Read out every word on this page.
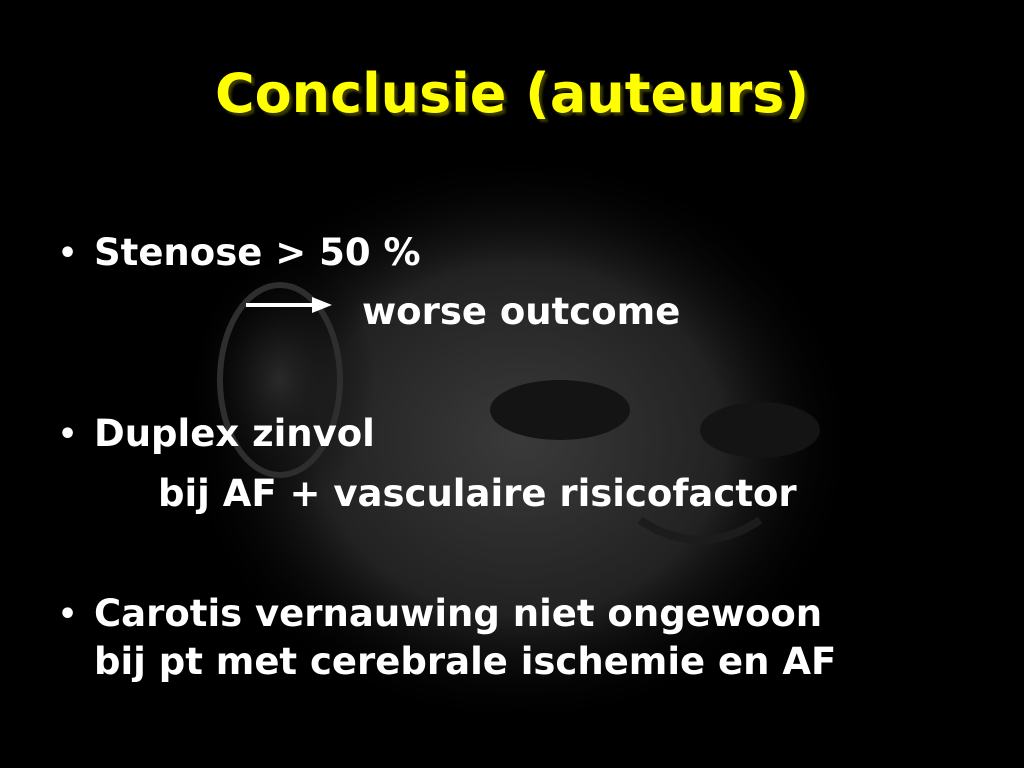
Conclusie (auteurs)
• Stenose > 50 %
worse outcome
• Duplex zinvol
bij AF + vasculaire risicofactor
• Carotis vernauwing niet ongewoon
bij pt met cerebrale ischemie en AF
